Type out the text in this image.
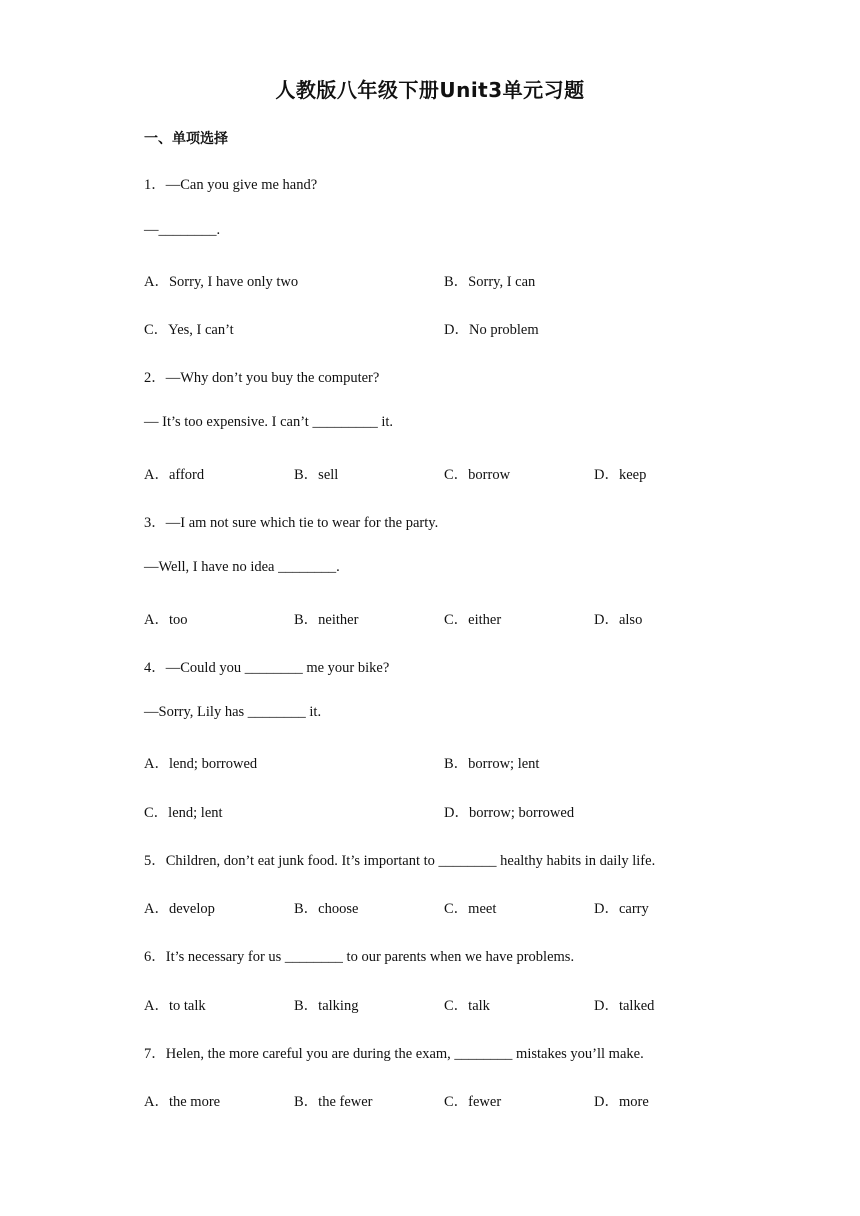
人教版八年级下册Unit3单元习题
一、单项选择
1．—Can you give me hand?
—________.
A．Sorry, I have only two	B．Sorry, I can
C．Yes, I can’t	D．No problem
2．—Why don’t you buy the computer?
— It’s too expensive. I can’t _________ it.
A．afford	B．sell	C．borrow	D．keep
3．—I am not sure which tie to wear for the party.
—Well, I have no idea ________.
A．too	B．neither	C．either	D．also
4．—Could you ________ me your bike?
—Sorry, Lily has ________ it.
A．lend; borrowed	B．borrow; lent
C．lend; lent	D．borrow; borrowed
5．Children, don’t eat junk food. It’s important to ________ healthy habits in daily life.
A．develop	B．choose	C．meet	D．carry
6．It’s necessary for us ________ to our parents when we have problems.
A．to talk	B．talking	C．talk	D．talked
7．Helen, the more careful you are during the exam, ________ mistakes you’ll make.
A．the more	B．the fewer	C．fewer	D．more
